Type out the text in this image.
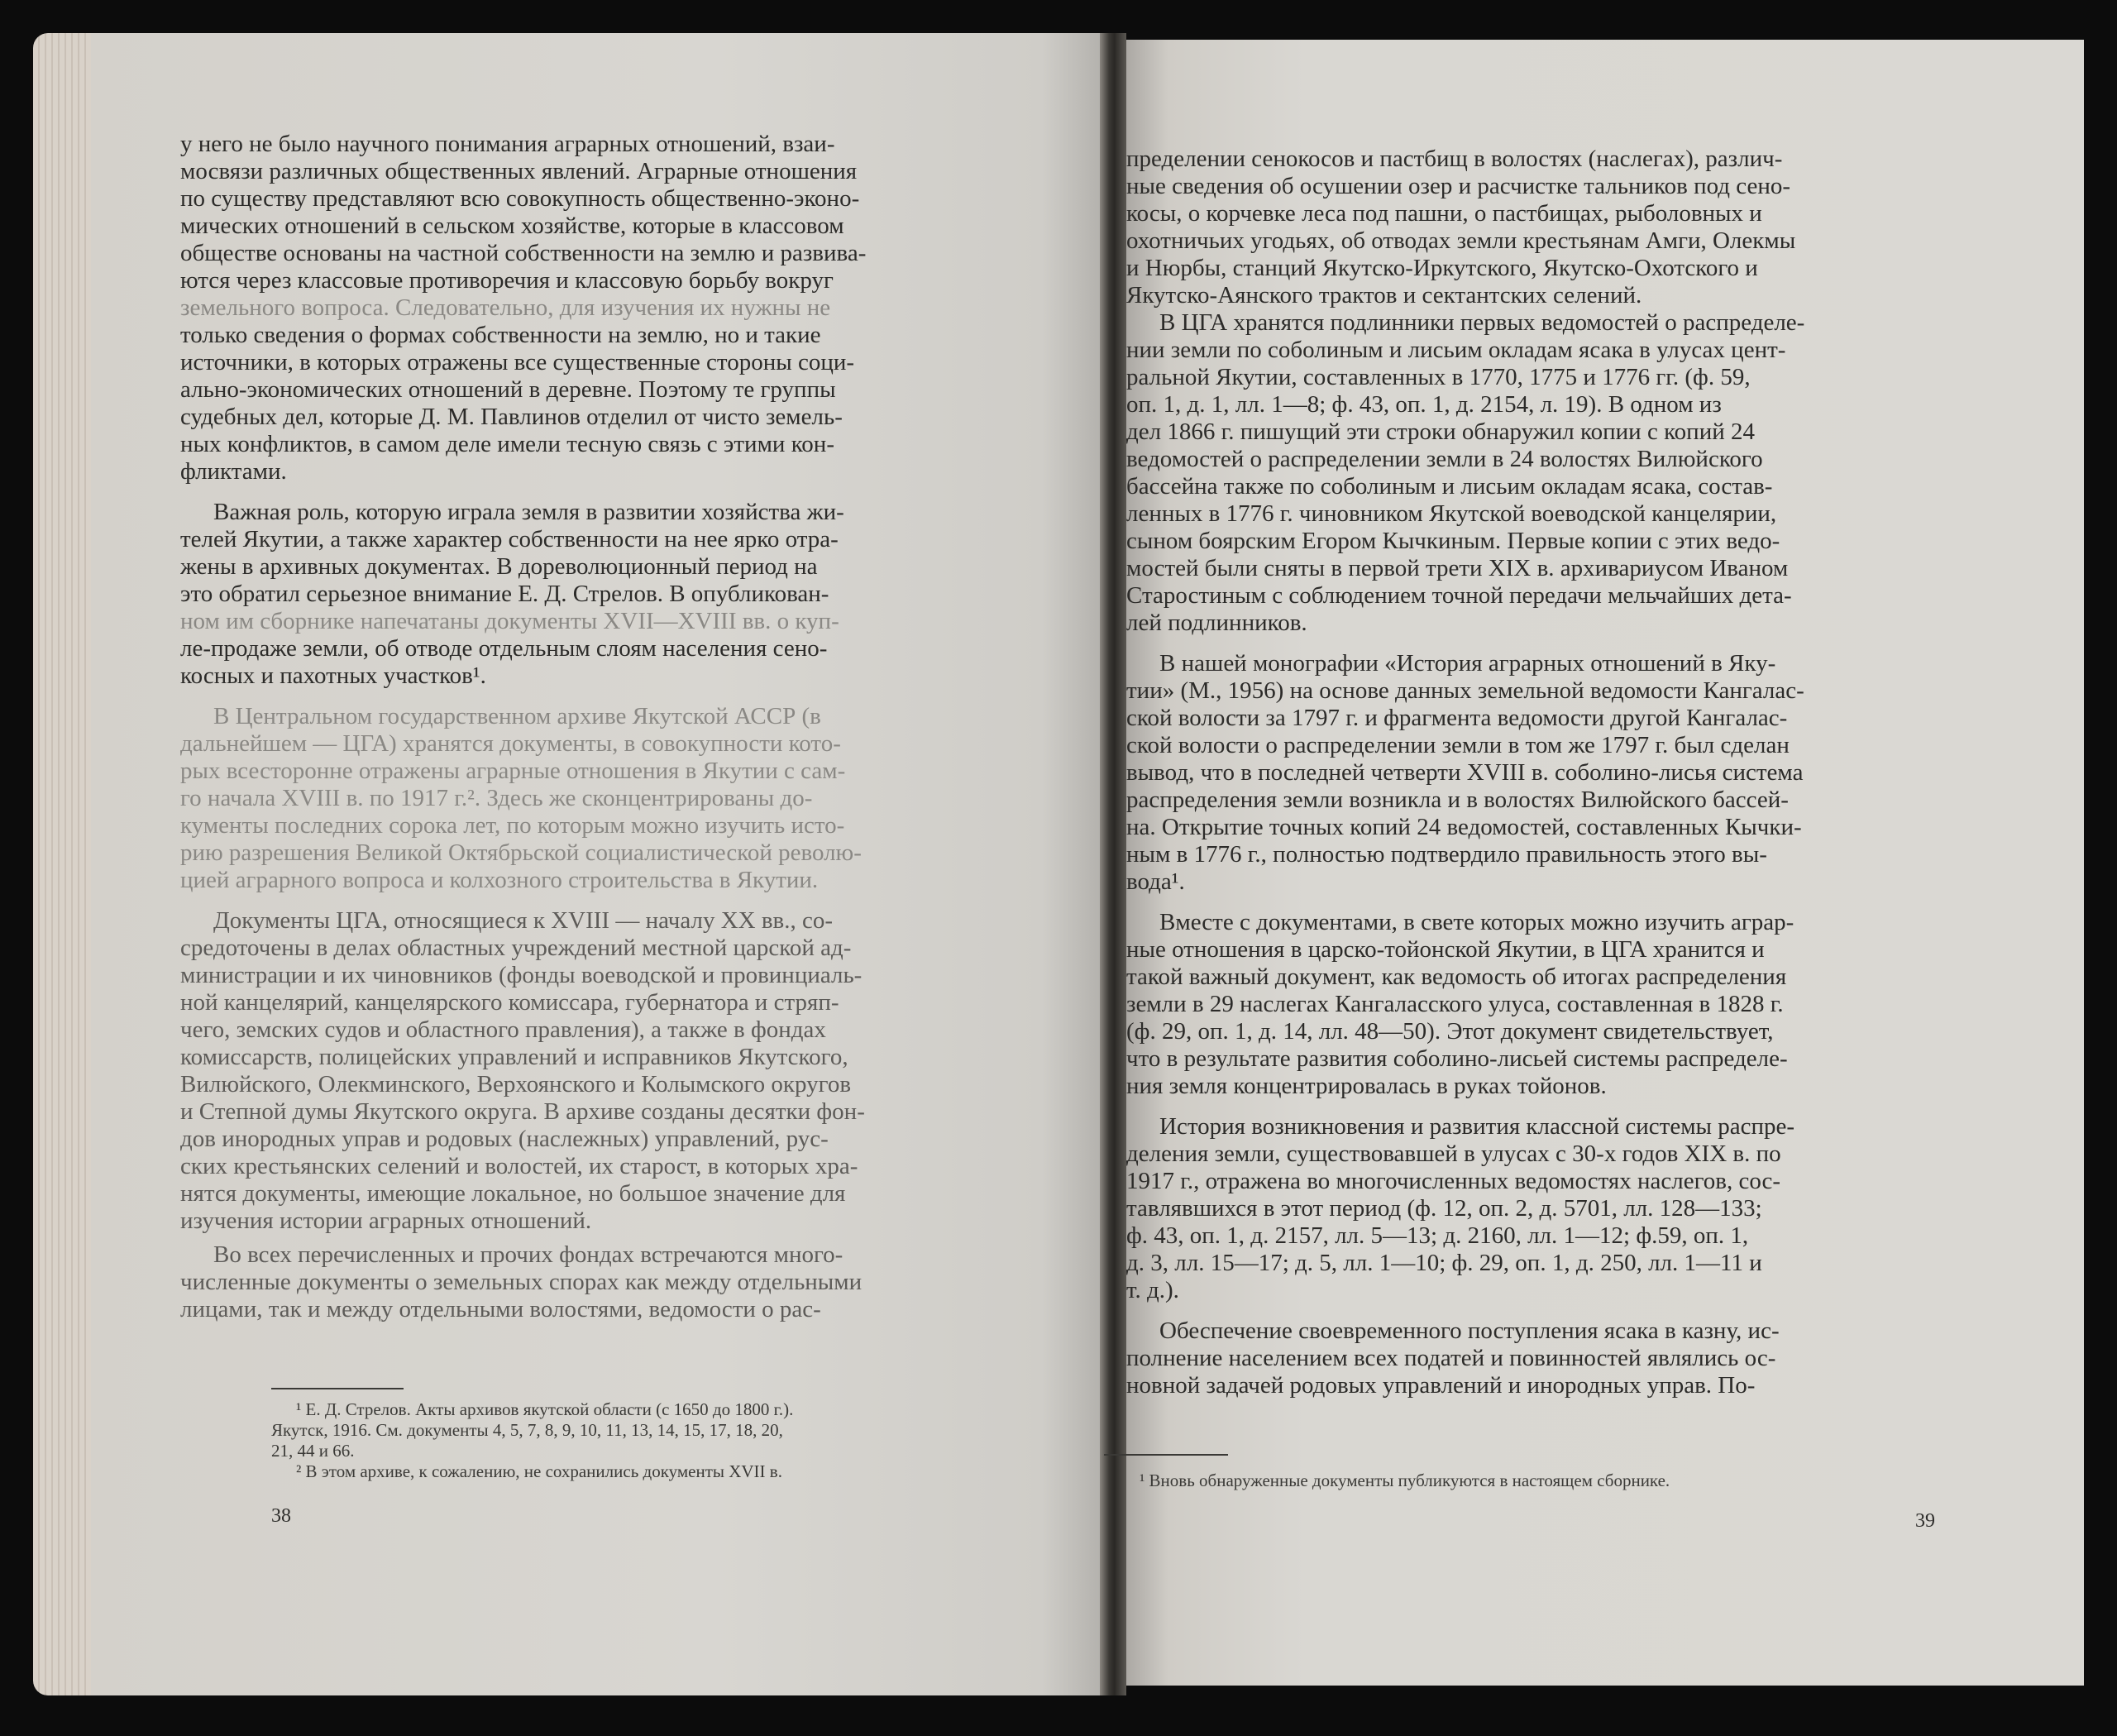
у него не было научного понимания аграрных отношений, взаи-
мосвязи различных общественных явлений. Аграрные отношения
по существу представляют всю совокупность общественно-эконо-
мических отношений в сельском хозяйстве, которые в классовом
обществе основаны на частной собственности на землю и развива-
ются через классовые противоречия и классовую борьбу вокруг
земельного вопроса. Следовательно, для изучения их нужны не
только сведения о формах собственности на землю, но и такие
источники, в которых отражены все существенные стороны соци-
ально-экономических отношений в деревне. Поэтому те группы
судебных дел, которые Д. М. Павлинов отделил от чисто земель-
ных конфликтов, в самом деле имели тесную связь с этими кон-
фликтами.
Важная роль, которую играла земля в развитии хозяйства жи-
телей Якутии, а также характер собственности на нее ярко отра-
жены в архивных документах. В дореволюционный период на
это обратил серьезное внимание Е. Д. Стрелов. В опубликован-
ном им сборнике напечатаны документы XVII—XVIII вв. о куп-
ле-продаже земли, об отводе отдельным слоям населения сено-
косных и пахотных участков¹.
В Центральном государственном архиве Якутской АССР (в
дальнейшем — ЦГА) хранятся документы, в совокупности кото-
рых всесторонне отражены аграрные отношения в Якутии с сам-
го начала XVIII в. по 1917 г.². Здесь же сконцентрированы до-
кументы последних сорока лет, по которым можно изучить исто-
рию разрешения Великой Октябрьской социалистической револю-
цией аграрного вопроса и колхозного строительства в Якутии.
Документы ЦГА, относящиеся к XVIII — началу XX вв., со-
средоточены в делах областных учреждений местной царской ад-
министрации и их чиновников (фонды воеводской и провинциаль-
ной канцелярий, канцелярского комиссара, губернатора и стряп-
чего, земских судов и областного правления), а также в фондах
комиссарств, полицейских управлений и исправников Якутского,
Вилюйского, Олекминского, Верхоянского и Колымского округов
и Степной думы Якутского округа. В архиве созданы десятки фон-
дов инородных управ и родовых (наслежных) управлений, рус-
ских крестьянских селений и волостей, их старост, в которых хра-
нятся документы, имеющие локальное, но большое значение для
изучения истории аграрных отношений.
Во всех перечисленных и прочих фондах встречаются много-
численные документы о земельных спорах как между отдельными
лицами, так и между отдельными волостями, ведомости о рас-
¹ Е. Д. Стрелов. Акты архивов якутской области (с 1650 до 1800 г.).
Якутск, 1916. См. документы 4, 5, 7, 8, 9, 10, 11, 13, 14, 15, 17, 18, 20,
21, 44 и 66.
² В этом архиве, к сожалению, не сохранились документы XVII в.
38
пределении сенокосов и пастбищ в волостях (наслегах), различ-
ные сведения об осушении озер и расчистке тальников под сено-
косы, о корчевке леса под пашни, о пастбищах, рыболовных и
охотничьих угодьях, об отводах земли крестьянам Амги, Олекмы
и Нюрбы, станций Якутско-Иркутского, Якутско-Охотского и
Якутско-Аянского трактов и сектантских селений.
В ЦГА хранятся подлинники первых ведомостей о распределе-
нии земли по соболиным и лисьим окладам ясака в улусах цент-
ральной Якутии, составленных в 1770, 1775 и 1776 гг. (ф. 59,
оп. 1, д. 1, лл. 1—8; ф. 43, оп. 1, д. 2154, л. 19). В одном из
дел 1866 г. пишущий эти строки обнаружил копии с копий 24
ведомостей о распределении земли в 24 волостях Вилюйского
бассейна также по соболиным и лисьим окладам ясака, состав-
ленных в 1776 г. чиновником Якутской воеводской канцелярии,
сыном боярским Егором Кычкиным. Первые копии с этих ведо-
мостей были сняты в первой трети XIX в. архивариусом Иваном
Старостиным с соблюдением точной передачи мельчайших дета-
лей подлинников.
В нашей монографии «История аграрных отношений в Яку-
тии» (М., 1956) на основе данных земельной ведомости Кангалас-
ской волости за 1797 г. и фрагмента ведомости другой Кангалас-
ской волости о распределении земли в том же 1797 г. был сделан
вывод, что в последней четверти XVIII в. соболино-лисья система
распределения земли возникла и в волостях Вилюйского бассей-
на. Открытие точных копий 24 ведомостей, составленных Кычки-
ным в 1776 г., полностью подтвердило правильность этого вы-
вода¹.
Вместе с документами, в свете которых можно изучить аграр-
ные отношения в царско-тойонской Якутии, в ЦГА хранится и
такой важный документ, как ведомость об итогах распределения
земли в 29 наслегах Кангаласского улуса, составленная в 1828 г.
(ф. 29, оп. 1, д. 14, лл. 48—50). Этот документ свидетельствует,
что в результате развития соболино-лисьей системы распределе-
ния земля концентрировалась в руках тойонов.
История возникновения и развития классной системы распре-
деления земли, существовавшей в улусах с 30-х годов XIX в. по
1917 г., отражена во многочисленных ведомостях наслегов, сос-
тавлявшихся в этот период (ф. 12, оп. 2, д. 5701, лл. 128—133;
ф. 43, оп. 1, д. 2157, лл. 5—13; д. 2160, лл. 1—12; ф.59, оп. 1,
д. 3, лл. 15—17; д. 5, лл. 1—10; ф. 29, оп. 1, д. 250, лл. 1—11 и
т. д.).
Обеспечение своевременного поступления ясака в казну, ис-
полнение населением всех податей и повинностей являлись ос-
новной задачей родовых управлений и инородных управ. По-
¹ Вновь обнаруженные документы публикуются в настоящем сборнике.
39
